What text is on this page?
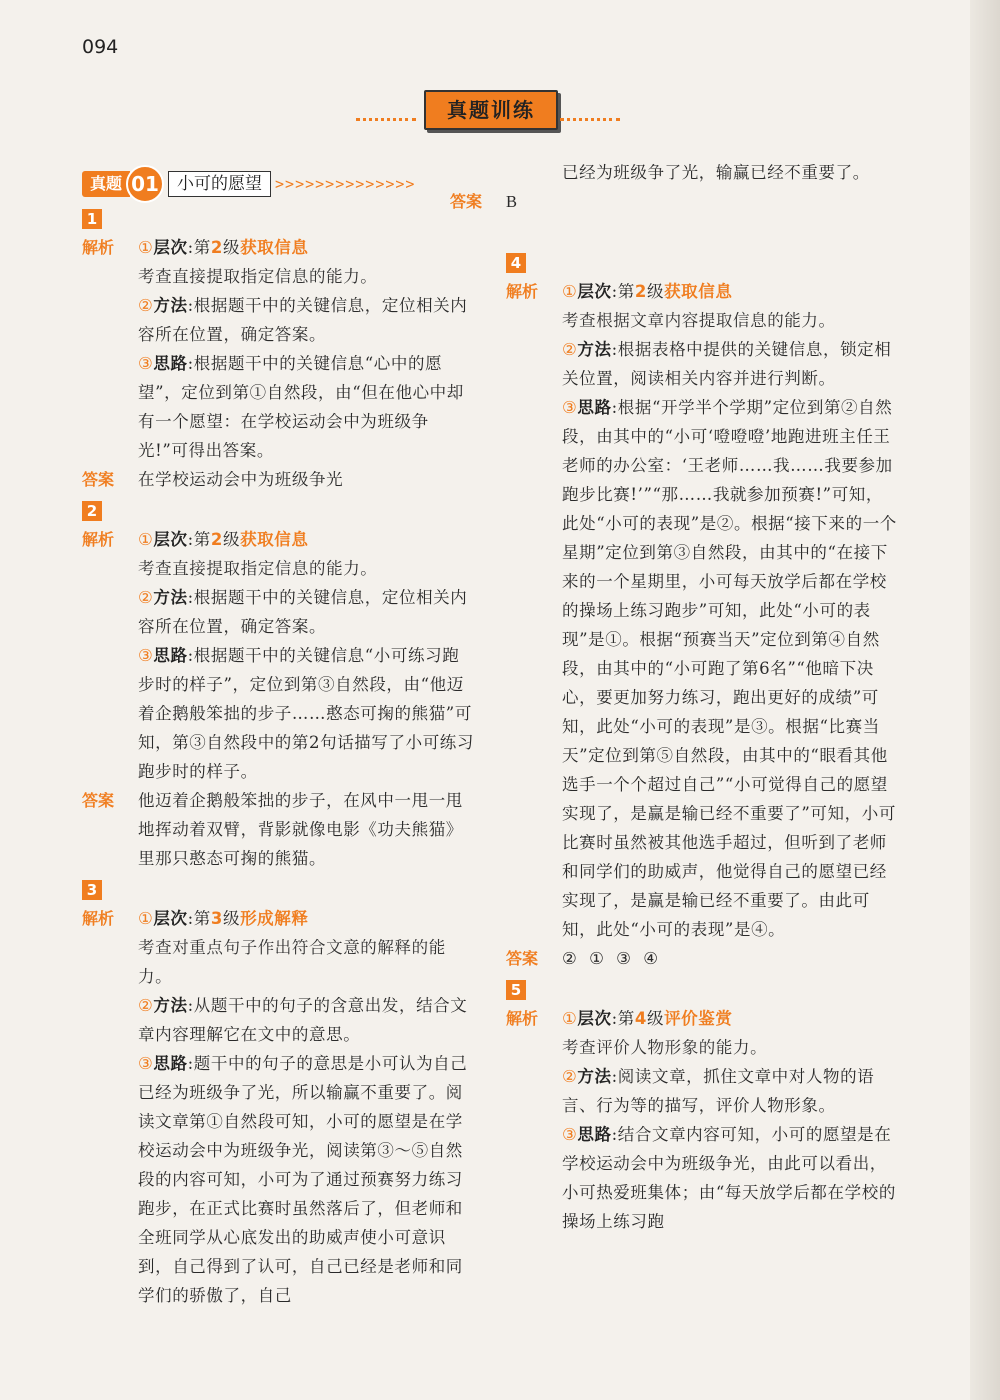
094
真题训练
真题 01	小可的愿望 >>>>>>>>>>>>>>
1
解析	①层次:第2级获取信息

考查直接提取指定信息的能力。

②方法:根据题干中的关键信息，定位相关内容所在位置，确定答案。

③思路:根据题干中的关键信息“心中的愿望”，定位到第①自然段，由“但在他心中却有一个愿望：在学校运动会中为班级争光!”可得出答案。

答案	在学校运动会中为班级争光
2
解析	①层次:第2级获取信息

考查直接提取指定信息的能力。

②方法:根据题干中的关键信息，定位相关内容所在位置，确定答案。

③思路:根据题干中的关键信息“小可练习跑步时的样子”，定位到第③自然段，由“他迈着企鹅般笨拙的步子……憨态可掬的熊猫”可知，第③自然段中的第2句话描写了小可练习跑步时的样子。

答案	他迈着企鹅般笨拙的步子，在风中一甩一甩地挥动着双臂，背影就像电影《功夫熊猫》里那只憨态可掬的熊猫。
3
解析	①层次:第3级形成解释

考查对重点句子作出符合文意的解释的能力。

②方法:从题干中的句子的含意出发，结合文章内容理解它在文中的意思。

③思路:题干中的句子的意思是小可认为自己已经为班级争了光，所以输赢不重要了。阅读文章第①自然段可知，小可的愿望是在学校运动会中为班级争光，阅读第③～⑤自然段的内容可知，小可为了通过预赛努力练习跑步，在正式比赛时虽然落后了，但老师和全班同学从心底发出的助威声使小可意识到，自己得到了认可，自己已经是老师和同学们的骄傲了，自己

已经为班级争了光，输赢已经不重要了。
答案	B
4
解析	①层次:第2级获取信息

考查根据文章内容提取信息的能力。

②方法:根据表格中提供的关键信息，锁定相关位置，阅读相关内容并进行判断。

③思路:根据“开学半个学期”定位到第②自然段，由其中的“小可‘噔噔噔’地跑进班主任王老师的办公室：‘王老师……我……我要参加跑步比赛!’”“那……我就参加预赛!”可知，此处“小可的表现”是②。根据“接下来的一个星期”定位到第③自然段，由其中的“在接下来的一个星期里，小可每天放学后都在学校的操场上练习跑步”可知，此处“小可的表现”是①。根据“预赛当天”定位到第④自然段，由其中的“小可跑了第6名”“他暗下决心，要更加努力练习，跑出更好的成绩”可知，此处“小可的表现”是③。根据“比赛当天”定位到第⑤自然段，由其中的“眼看其他选手一个个超过自己”“小可觉得自己的愿望实现了，是赢是输已经不重要了”可知，小可比赛时虽然被其他选手超过，但听到了老师和同学们的助威声，他觉得自己的愿望已经实现了，是赢是输已经不重要了。由此可知，此处“小可的表现”是④。

答案	②  ①  ③  ④
5
解析	①层次:第4级评价鉴赏

考查评价人物形象的能力。

②方法:阅读文章，抓住文章中对人物的语言、行为等的描写，评价人物形象。

③思路:结合文章内容可知，小可的愿望是在学校运动会中为班级争光，由此可以看出，小可热爱班集体；由“每天放学后都在学校的操场上练习跑
